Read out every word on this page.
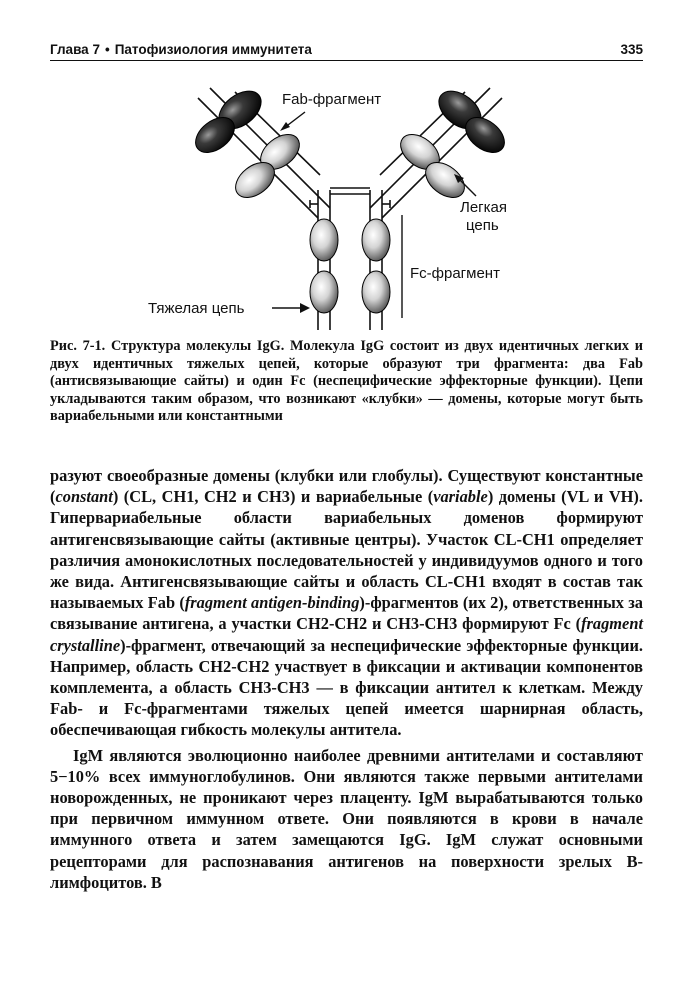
Глава 7 • Патофизиология иммунитета	335
Fab-фрагмент
Легкая
цепь
Fc-фрагмент
Тяжелая цепь
Рис. 7-1. Структура молекулы IgG. Молекула IgG состоит из двух идентичных легких и двух идентичных тяжелых цепей, которые образуют три фрагмента: два Fab (антисвязывающие сайты) и один Fc (неспецифические эффекторные функции). Цепи укладываются таким образом, что возникают «клубки» — домены, которые могут быть вариабельными или константными

разуют своеобразные домены (клубки или глобулы). Существуют константные (constant) (CL, CH1, CH2 и CH3) и вариабельные (variable) домены (VL и VH). Гипервариабельные области вариабельных доменов формируют антигенсвязывающие сайты (активные центры). Участок CL-CH1 определяет различия амонокислотных последовательностей у индивидуумов одного и того же вида. Антигенсвязывающие сайты и область CL-CH1 входят в состав так называемых Fab (fragment antigen-binding)-фрагментов (их 2), ответственных за связывание антигена, а участки CH2-CH2 и CH3-CH3 формируют Fc (fragment crystalline)-фрагмент, отвечающий за неспецифические эффекторные функции. Например, область CH2-CH2 участвует в фиксации и активации компонентов комплемента, а область CH3-CH3 — в фиксации антител к клеткам. Между Fab- и Fc-фрагментами тяжелых цепей имеется шарнирная область, обеспечивающая гибкость молекулы антитела.

IgM являются эволюционно наиболее древними антителами и составляют 5−10% всех иммуноглобулинов. Они являются также первыми антителами новорожденных, не проникают через плаценту. IgM вырабатываются только при первичном иммунном ответе. Они появляются в крови в начале иммунного ответа и затем замещаются IgG. IgM служат основными рецепторами для распознавания антигенов на поверхности зрелых В-лимфоцитов. В
